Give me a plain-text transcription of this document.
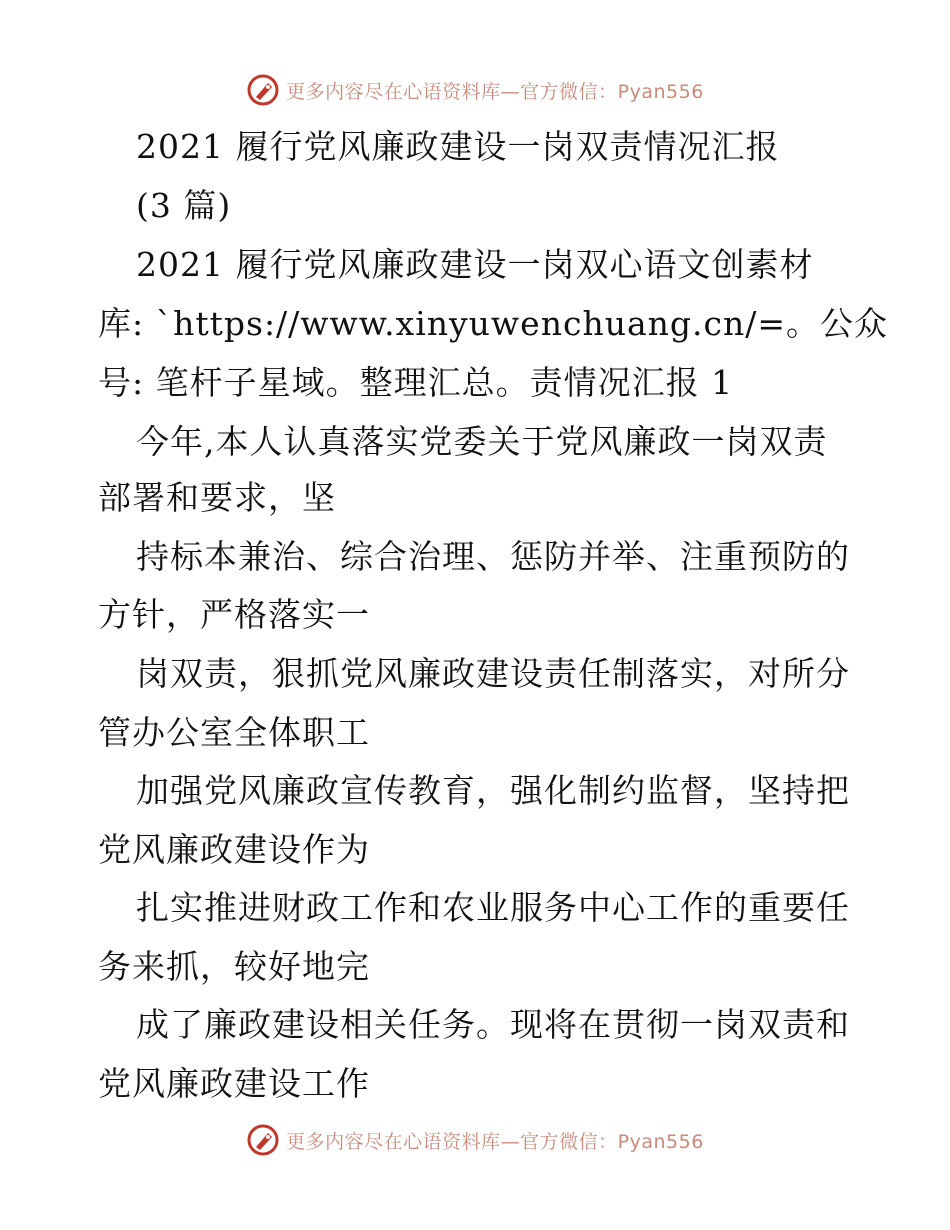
更多内容尽在心语资料库—官方微信：Pyan556
2021 履行党风廉政建设一岗双责情况汇报
(3 篇)
2021 履行党风廉政建设一岗双心语文创素材
库: `https://www.xinyuwenchuang.cn/=。公众
号: 笔杆子星域。整理汇总。责情况汇报 1
今年,本人认真落实党委关于党风廉政一岗双责
部署和要求，坚
持标本兼治、综合治理、惩防并举、注重预防的
方针，严格落实一
岗双责，狠抓党风廉政建设责任制落实，对所分
管办公室全体职工
加强党风廉政宣传教育，强化制约监督，坚持把
党风廉政建设作为
扎实推进财政工作和农业服务中心工作的重要任
务来抓，较好地完
成了廉政建设相关任务。现将在贯彻一岗双责和
党风廉政建设工作
更多内容尽在心语资料库—官方微信：Pyan556
